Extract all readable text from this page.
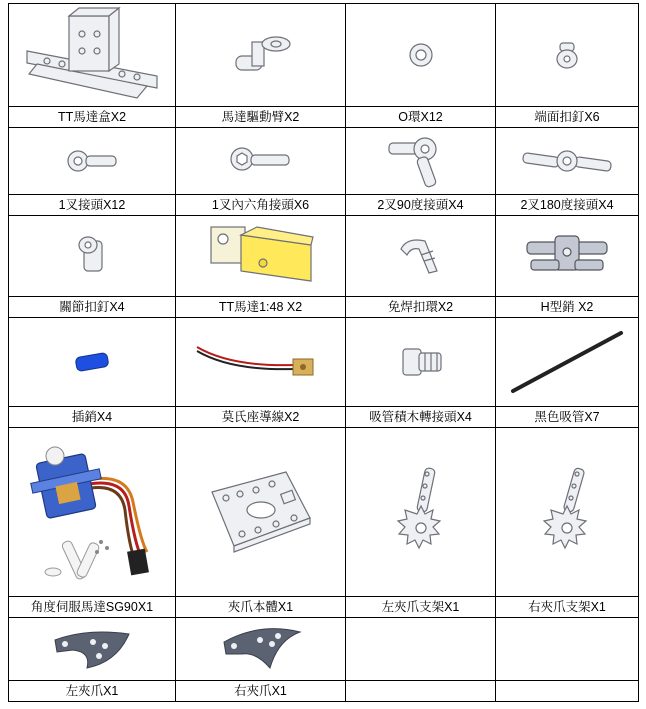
TT馬達盒X2	馬達驅動臂X2	O環X12	端面扣釘X6

1叉接頭X12	1叉內六角接頭X6	2叉90度接頭X4	2叉180度接頭X4

關節扣釘X4	TT馬達1:48 X2	免焊扣環X2	H型銷 X2

插銷X4	莫氏座導線X2	吸管積木轉接頭X4	黑色吸管X7

角度伺服馬達SG90X1	夾爪本體X1	左夾爪支架X1	右夾爪支架X1

左夾爪X1	右夾爪X1		
